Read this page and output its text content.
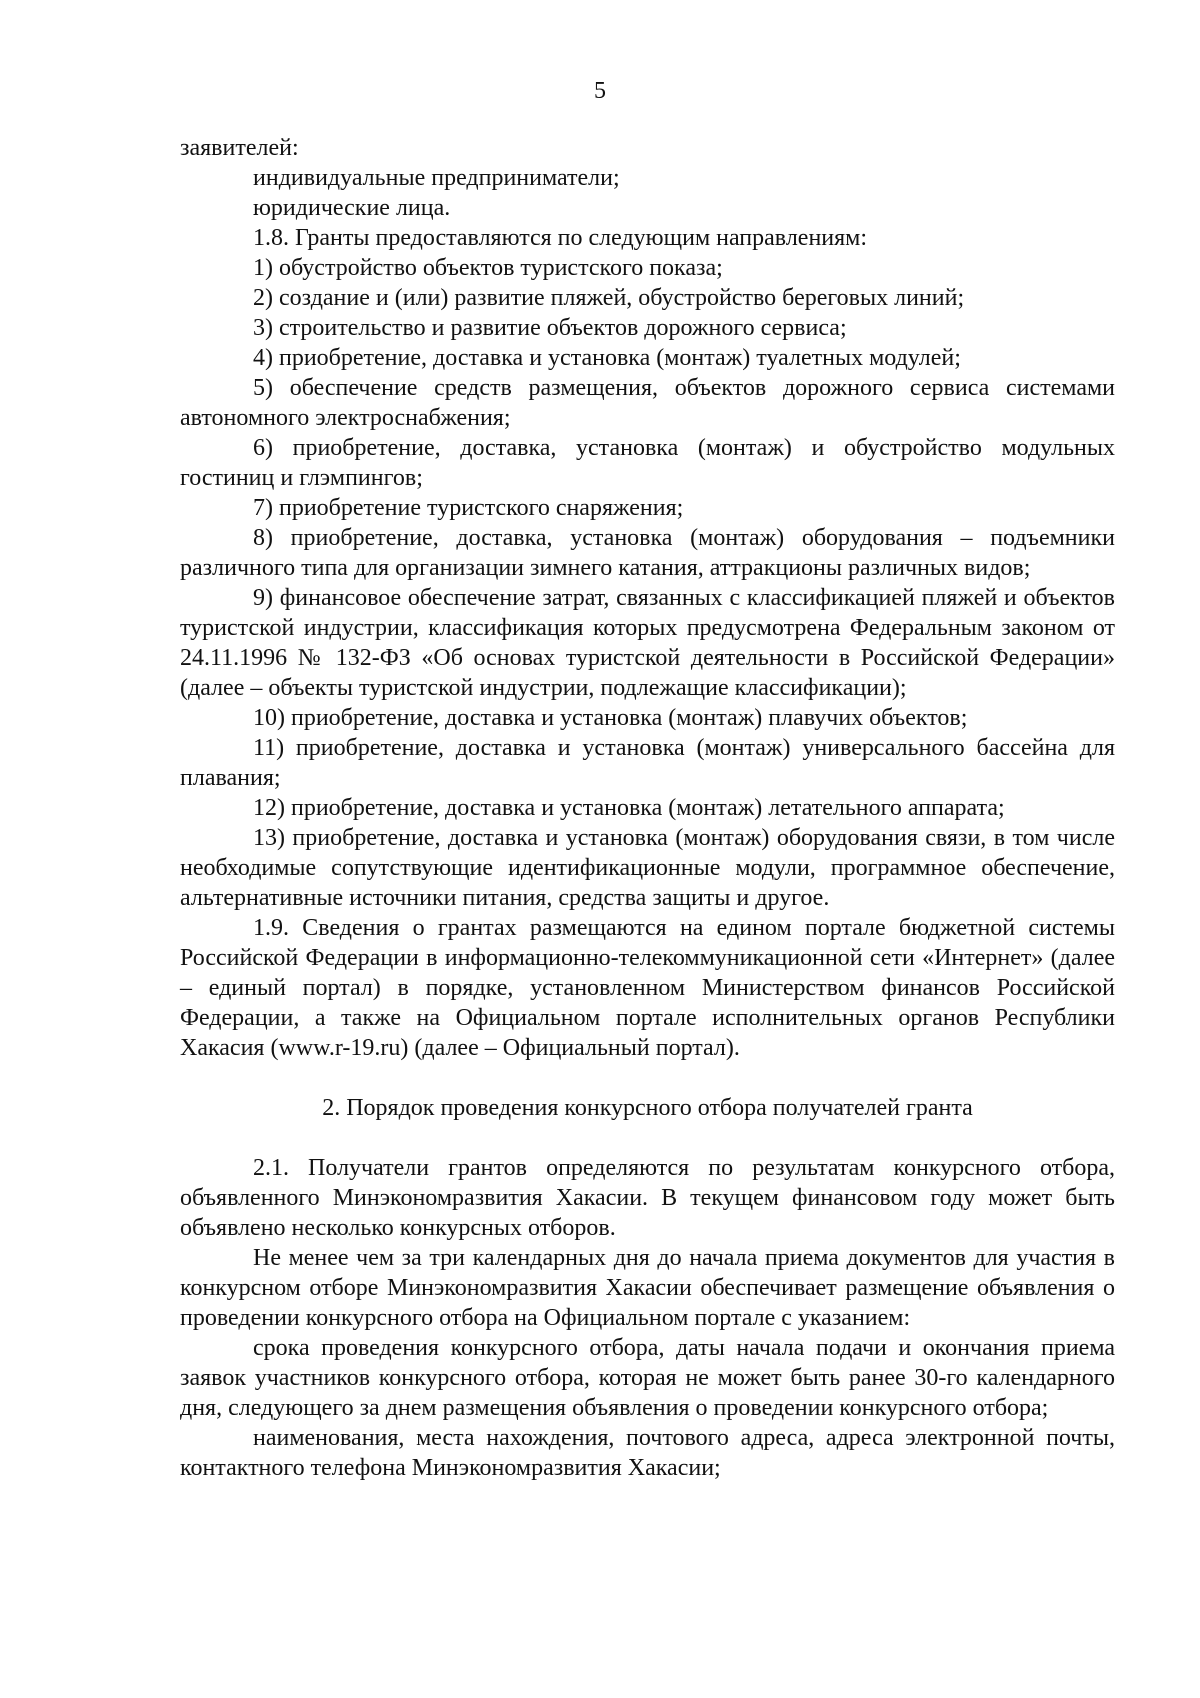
5

заявителей:

индивидуальные предприниматели;

юридические лица.

1.8. Гранты предоставляются по следующим направлениям:

1) обустройство объектов туристского показа;

2) создание и (или) развитие пляжей, обустройство береговых линий;

3) строительство и развитие объектов дорожного сервиса;

4) приобретение, доставка и установка (монтаж) туалетных модулей;

5) обеспечение средств размещения, объектов дорожного сервиса системами автономного электроснабжения;

6) приобретение, доставка, установка (монтаж) и обустройство модульных гостиниц и глэмпингов;

7) приобретение туристского снаряжения;

8) приобретение, доставка, установка (монтаж) оборудования – подъемники различного типа для организации зимнего катания, аттракционы различных видов;

9) финансовое обеспечение затрат, связанных с классификацией пляжей и объектов туристской индустрии, классификация которых предусмотрена Федеральным законом от 24.11.1996 № 132-ФЗ «Об основах туристской деятельности в Российской Федерации» (далее – объекты туристской индустрии, подлежащие классификации);

10) приобретение, доставка и установка (монтаж) плавучих объектов;

11) приобретение, доставка и установка (монтаж) универсального бассейна для плавания;

12) приобретение, доставка и установка (монтаж) летательного аппарата;

13) приобретение, доставка и установка (монтаж) оборудования связи, в том числе необходимые сопутствующие идентификационные модули, программное обеспечение, альтернативные источники питания, средства защиты и другое.

1.9. Сведения о грантах размещаются на едином портале бюджетной системы Российской Федерации в информационно-телекоммуникационной сети «Интернет» (далее – единый портал) в порядке, установленном Министерством финансов Российской Федерации, а также на Официальном портале исполнительных органов Республики Хакасия (www.r-19.ru) (далее – Официальный портал).

2. Порядок проведения конкурсного отбора получателей гранта

2.1. Получатели грантов определяются по результатам конкурсного отбора, объявленного Минэкономразвития Хакасии. В текущем финансовом году может быть объявлено несколько конкурсных отборов.

Не менее чем за три календарных дня до начала приема документов для участия в конкурсном отборе Минэкономразвития Хакасии обеспечивает размещение объявления о проведении конкурсного отбора на Официальном портале с указанием:

срока проведения конкурсного отбора, даты начала подачи и окончания приема заявок участников конкурсного отбора, которая не может быть ранее 30-го календарного дня, следующего за днем размещения объявления о проведении конкурсного отбора;

наименования, места нахождения, почтового адреса, адреса электронной почты, контактного телефона Минэкономразвития Хакасии;
